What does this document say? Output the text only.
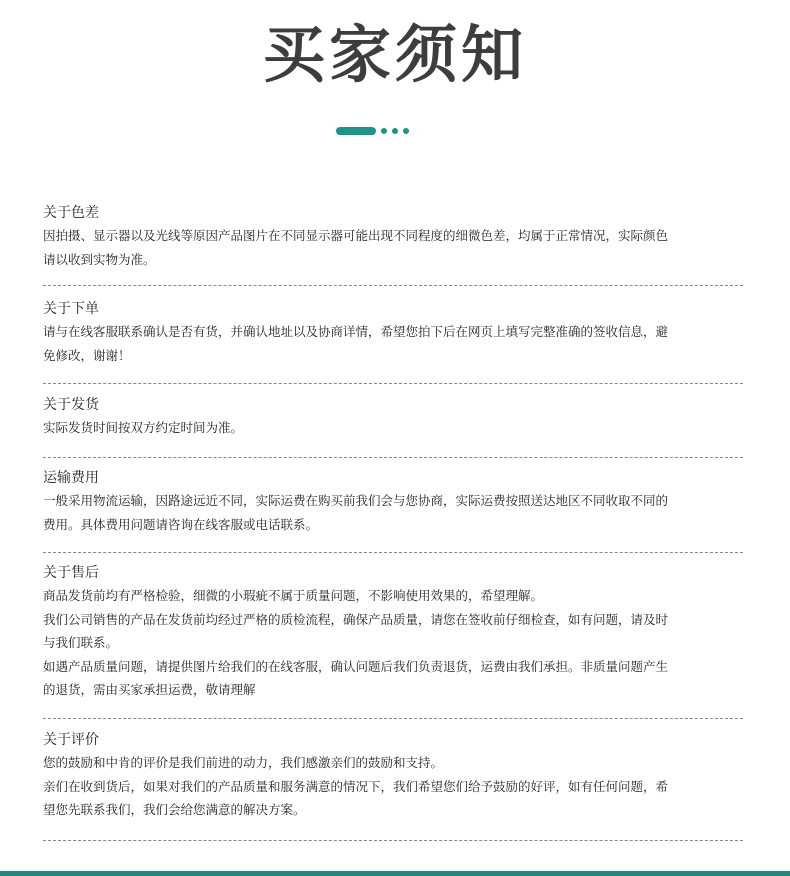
买家须知
关于色差

因拍摄、显示器以及光线等原因产品图片在不同显示器可能出现不同程度的细微色差，均属于正常情况，实际颜色

请以收到实物为准。

关于下单

请与在线客服联系确认是否有货，并确认地址以及协商详情，希望您拍下后在网页上填写完整准确的签收信息，避

免修改，谢谢！

关于发货

实际发货时间按双方约定时间为准。

运输费用

一般采用物流运输，因路途远近不同，实际运费在购买前我们会与您协商，实际运费按照送达地区不同收取不同的

费用。具体费用问题请咨询在线客服或电话联系。

关于售后

商品发货前均有严格检验，细微的小瑕疵不属于质量问题，不影响使用效果的，希望理解。

我们公司销售的产品在发货前均经过严格的质检流程，确保产品质量，请您在签收前仔细检查，如有问题，请及时

与我们联系。

如遇产品质量问题，请提供图片给我们的在线客服，确认问题后我们负责退货，运费由我们承担。非质量问题产生

的退货，需由买家承担运费，敬请理解

关于评价

您的鼓励和中肯的评价是我们前进的动力，我们感激亲们的鼓励和支持。

亲们在收到货后，如果对我们的产品质量和服务满意的情况下，我们希望您们给予鼓励的好评，如有任何问题，希

望您先联系我们，我们会给您满意的解决方案。
